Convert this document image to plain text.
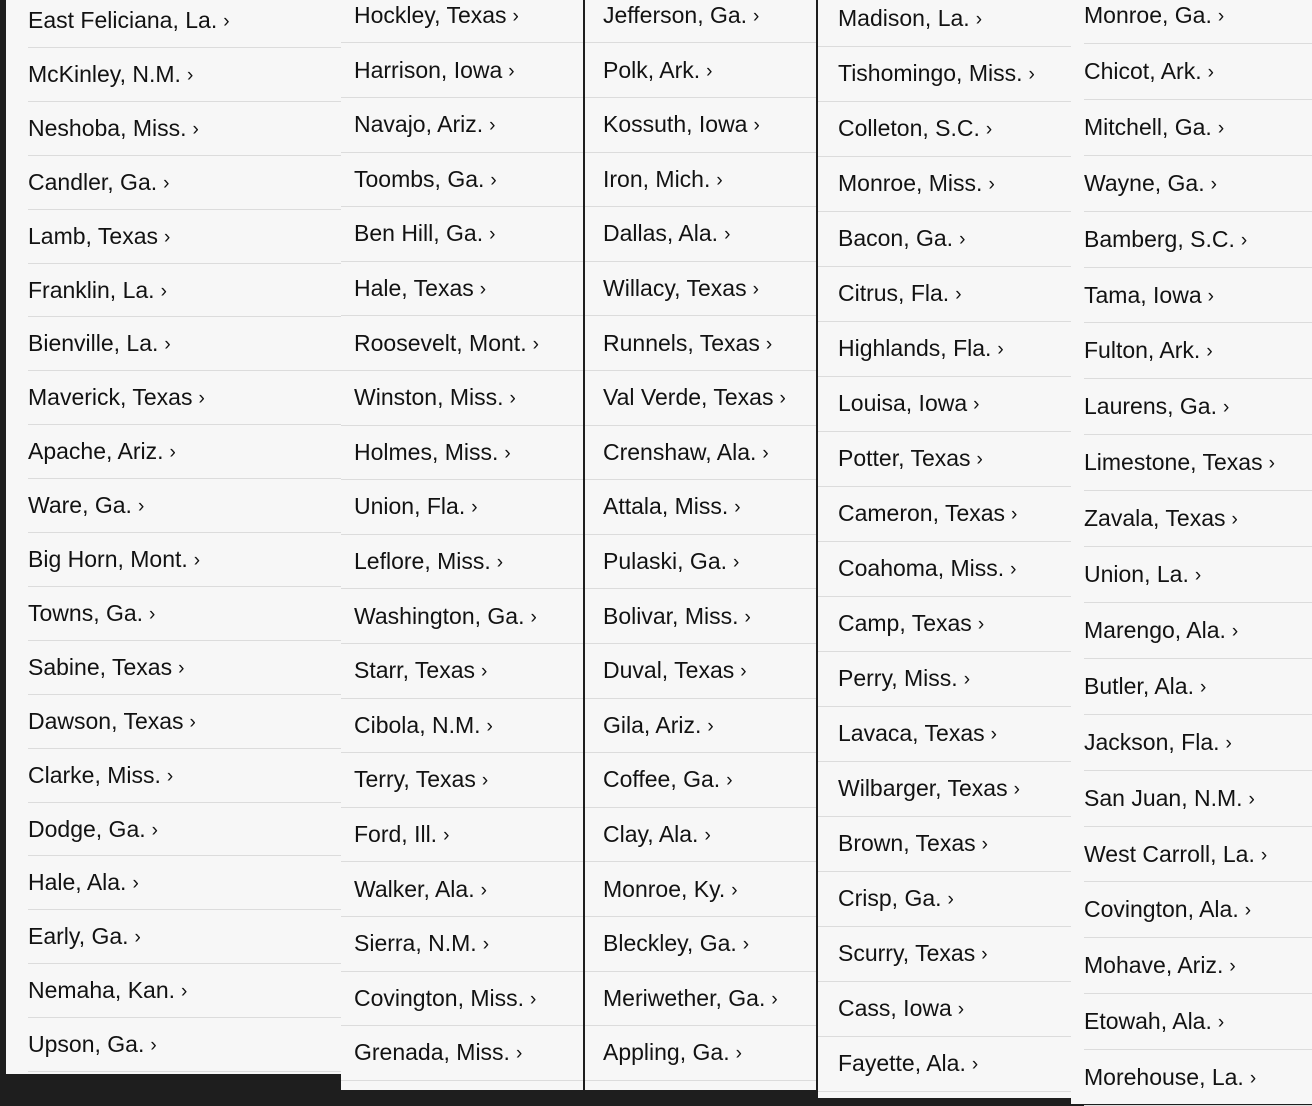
East Feliciana, La. ›
McKinley, N.M. ›
Neshoba, Miss. ›
Candler, Ga. ›
Lamb, Texas ›
Franklin, La. ›
Bienville, La. ›
Maverick, Texas ›
Apache, Ariz. ›
Ware, Ga. ›
Big Horn, Mont. ›
Towns, Ga. ›
Sabine, Texas ›
Dawson, Texas ›
Clarke, Miss. ›
Dodge, Ga. ›
Hale, Ala. ›
Early, Ga. ›
Nemaha, Kan. ›
Upson, Ga. ›
Hockley, Texas ›
Harrison, Iowa ›
Navajo, Ariz. ›
Toombs, Ga. ›
Ben Hill, Ga. ›
Hale, Texas ›
Roosevelt, Mont. ›
Winston, Miss. ›
Holmes, Miss. ›
Union, Fla. ›
Leflore, Miss. ›
Washington, Ga. ›
Starr, Texas ›
Cibola, N.M. ›
Terry, Texas ›
Ford, Ill. ›
Walker, Ala. ›
Sierra, N.M. ›
Covington, Miss. ›
Grenada, Miss. ›
Jefferson, Ga. ›
Polk, Ark. ›
Kossuth, Iowa ›
Iron, Mich. ›
Dallas, Ala. ›
Willacy, Texas ›
Runnels, Texas ›
Val Verde, Texas ›
Crenshaw, Ala. ›
Attala, Miss. ›
Pulaski, Ga. ›
Bolivar, Miss. ›
Duval, Texas ›
Gila, Ariz. ›
Coffee, Ga. ›
Clay, Ala. ›
Monroe, Ky. ›
Bleckley, Ga. ›
Meriwether, Ga. ›
Appling, Ga. ›
Madison, La. ›
Tishomingo, Miss. ›
Colleton, S.C. ›
Monroe, Miss. ›
Bacon, Ga. ›
Citrus, Fla. ›
Highlands, Fla. ›
Louisa, Iowa ›
Potter, Texas ›
Cameron, Texas ›
Coahoma, Miss. ›
Camp, Texas ›
Perry, Miss. ›
Lavaca, Texas ›
Wilbarger, Texas ›
Brown, Texas ›
Crisp, Ga. ›
Scurry, Texas ›
Cass, Iowa ›
Fayette, Ala. ›
Monroe, Ga. ›
Chicot, Ark. ›
Mitchell, Ga. ›
Wayne, Ga. ›
Bamberg, S.C. ›
Tama, Iowa ›
Fulton, Ark. ›
Laurens, Ga. ›
Limestone, Texas ›
Zavala, Texas ›
Union, La. ›
Marengo, Ala. ›
Butler, Ala. ›
Jackson, Fla. ›
San Juan, N.M. ›
West Carroll, La. ›
Covington, Ala. ›
Mohave, Ariz. ›
Etowah, Ala. ›
Morehouse, La. ›
